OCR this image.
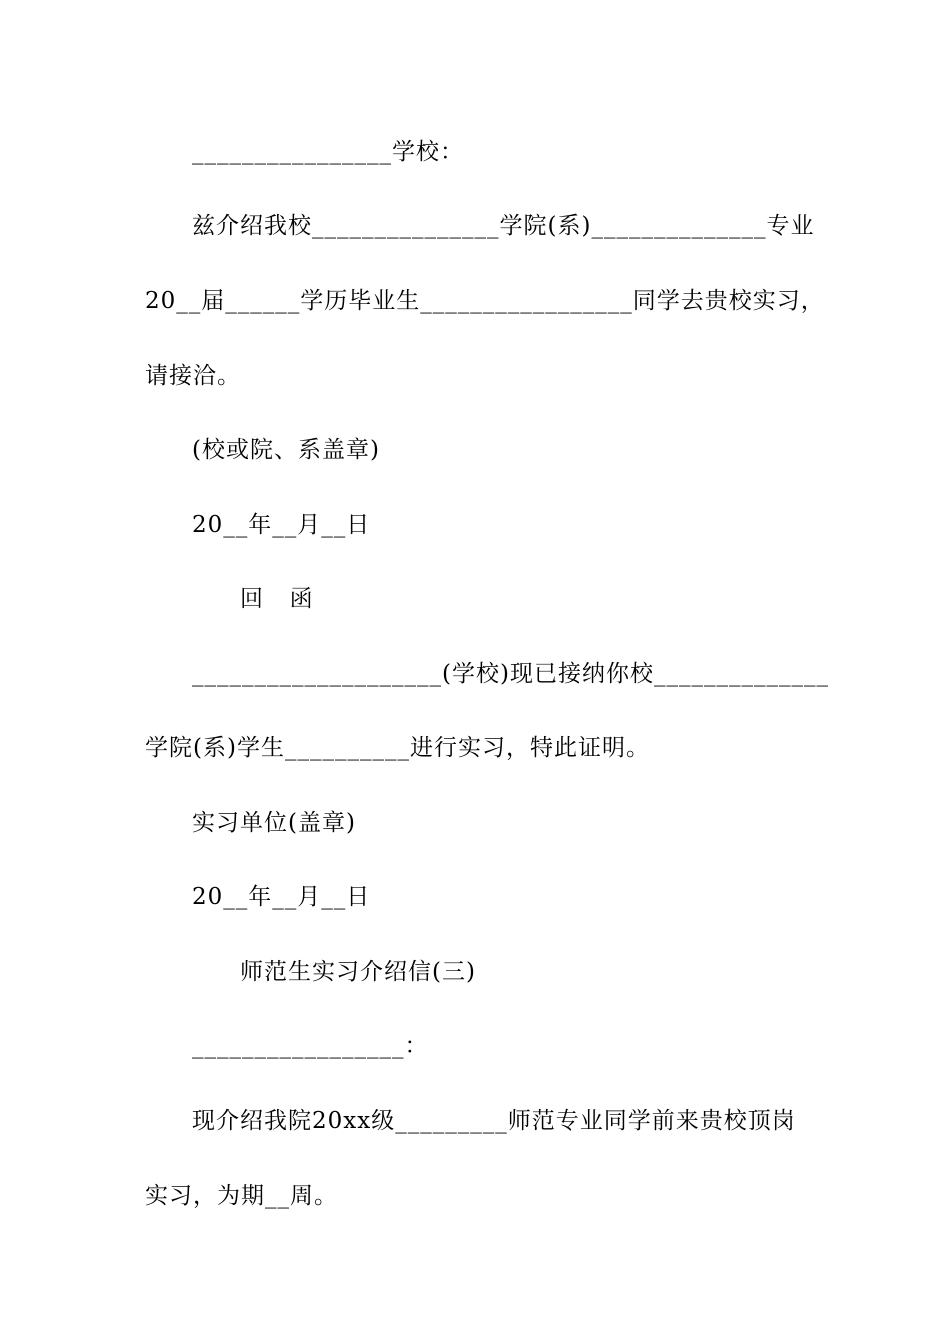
________________学校：
兹介绍我校_______________学院(系)______________专业
20__届______学历毕业生_________________同学去贵校实习，
请接洽。
(校或院、系盖章)
20__年__月__日
回  函
____________________(学校)现已接纳你校______________
学院(系)学生__________进行实习，特此证明。
实习单位(盖章)
20__年__月__日
师范生实习介绍信(三)
_________________：
现介绍我院20xx级_________师范专业同学前来贵校顶岗
实习，为期__周。
